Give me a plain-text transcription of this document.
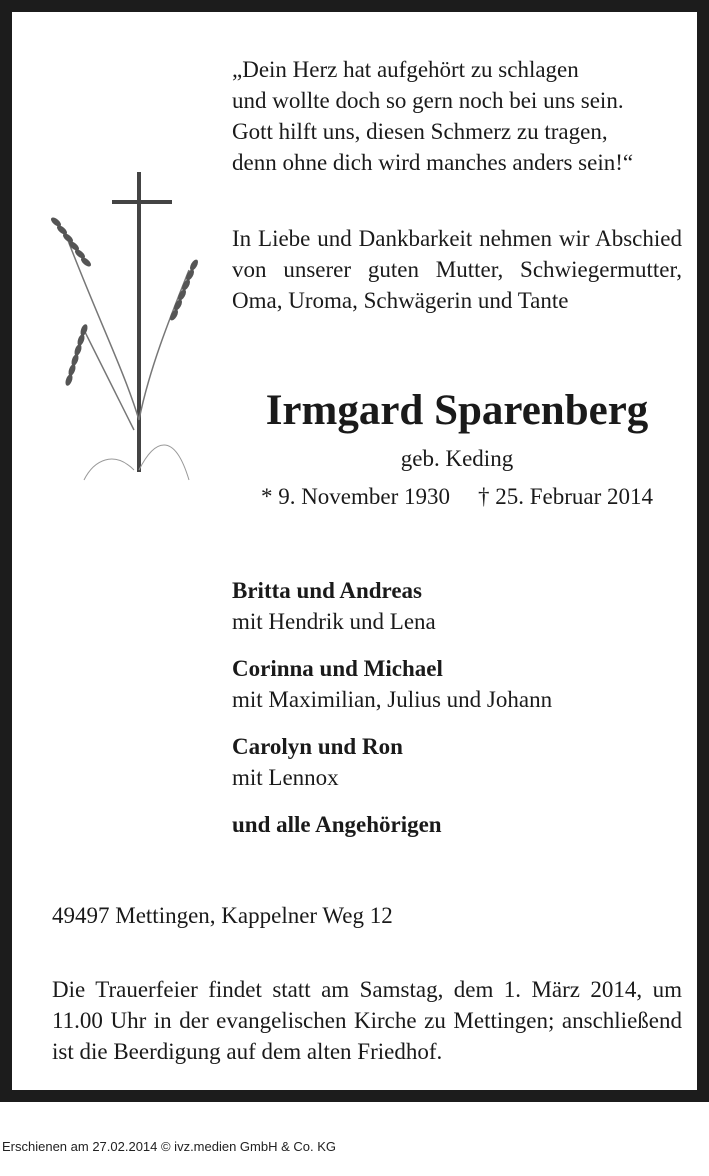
„Dein Herz hat aufgehört zu schlagen
und wollte doch so gern noch bei uns sein.
Gott hilft uns, diesen Schmerz zu tragen,
denn ohne dich wird manches anders sein!“
In Liebe und Dankbarkeit nehmen wir Abschied von unserer guten Mutter, Schwiegermutter, Oma, Uroma, Schwägerin und Tante
Irmgard Sparenberg
geb. Keding
* 9. November 1930 † 25. Februar 2014
Britta und Andreas
mit Hendrik und Lena
Corinna und Michael
mit Maximilian, Julius und Johann
Carolyn und Ron
mit Lennox
und alle Angehörigen
49497 Mettingen, Kappelner Weg 12
Die Trauerfeier findet statt am Samstag, dem 1. März 2014, um 11.00 Uhr in der evangelischen Kirche zu Mettingen; anschließend ist die Beerdigung auf dem alten Friedhof.
Erschienen am 27.02.2014 © ivz.medien GmbH & Co. KG
